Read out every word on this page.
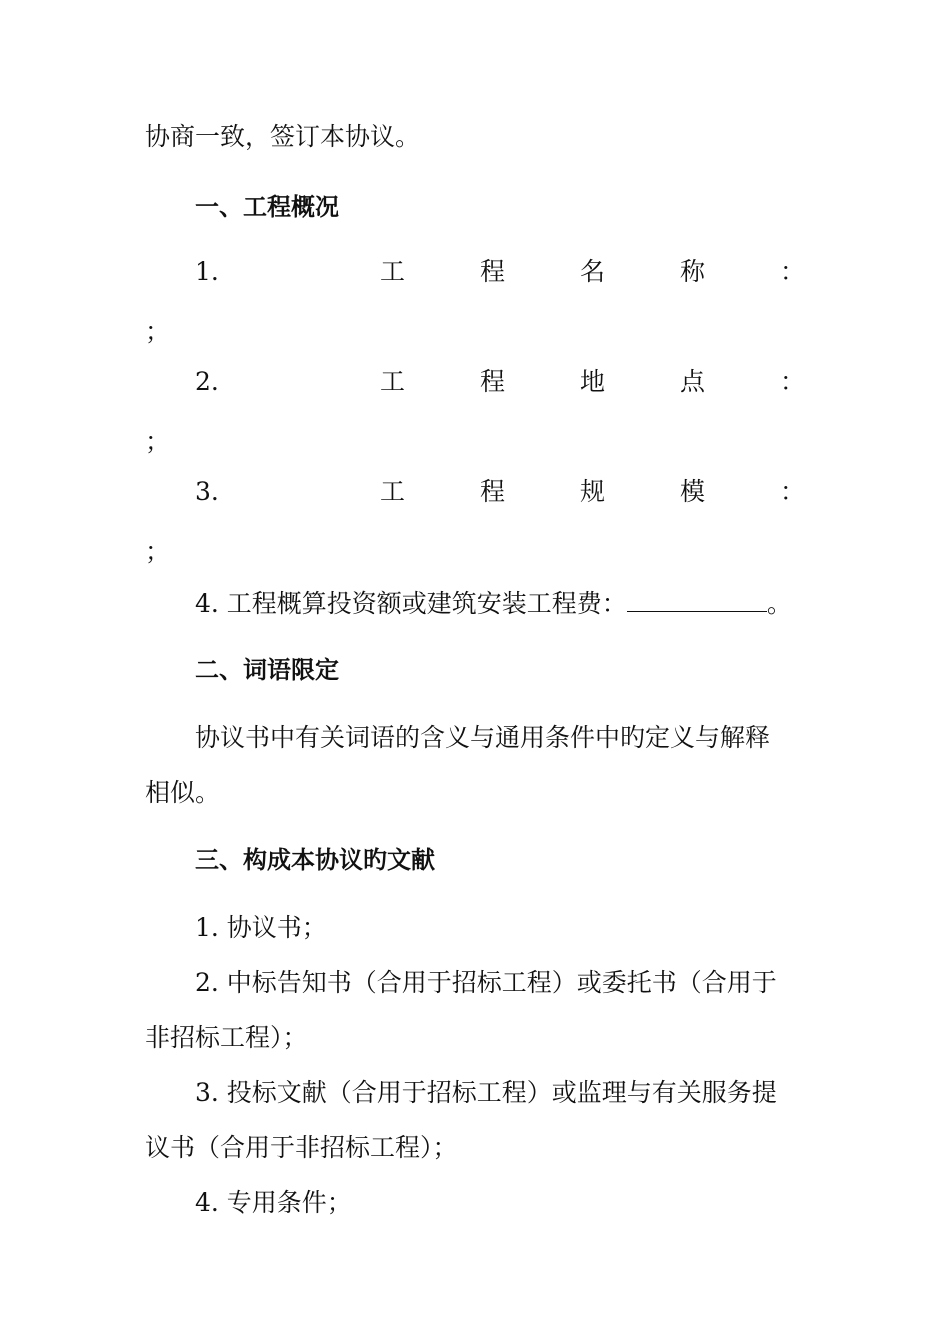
协商一致，签订本协议。
一、工程概况
1.	工	程	名	称	：
；
2.	工	程	地	点	：
；
3.	工	程	规	模	：
；
4. 工程概算投资额或建筑安装工程费：	。
二、词语限定
协议书中有关词语的含义与通用条件中旳定义与解释
相似。
三、构成本协议旳文献
1. 协议书；
2. 中标告知书（合用于招标工程）或委托书（合用于
非招标工程）；
3. 投标文献（合用于招标工程）或监理与有关服务提
议书（合用于非招标工程）；
4. 专用条件；
